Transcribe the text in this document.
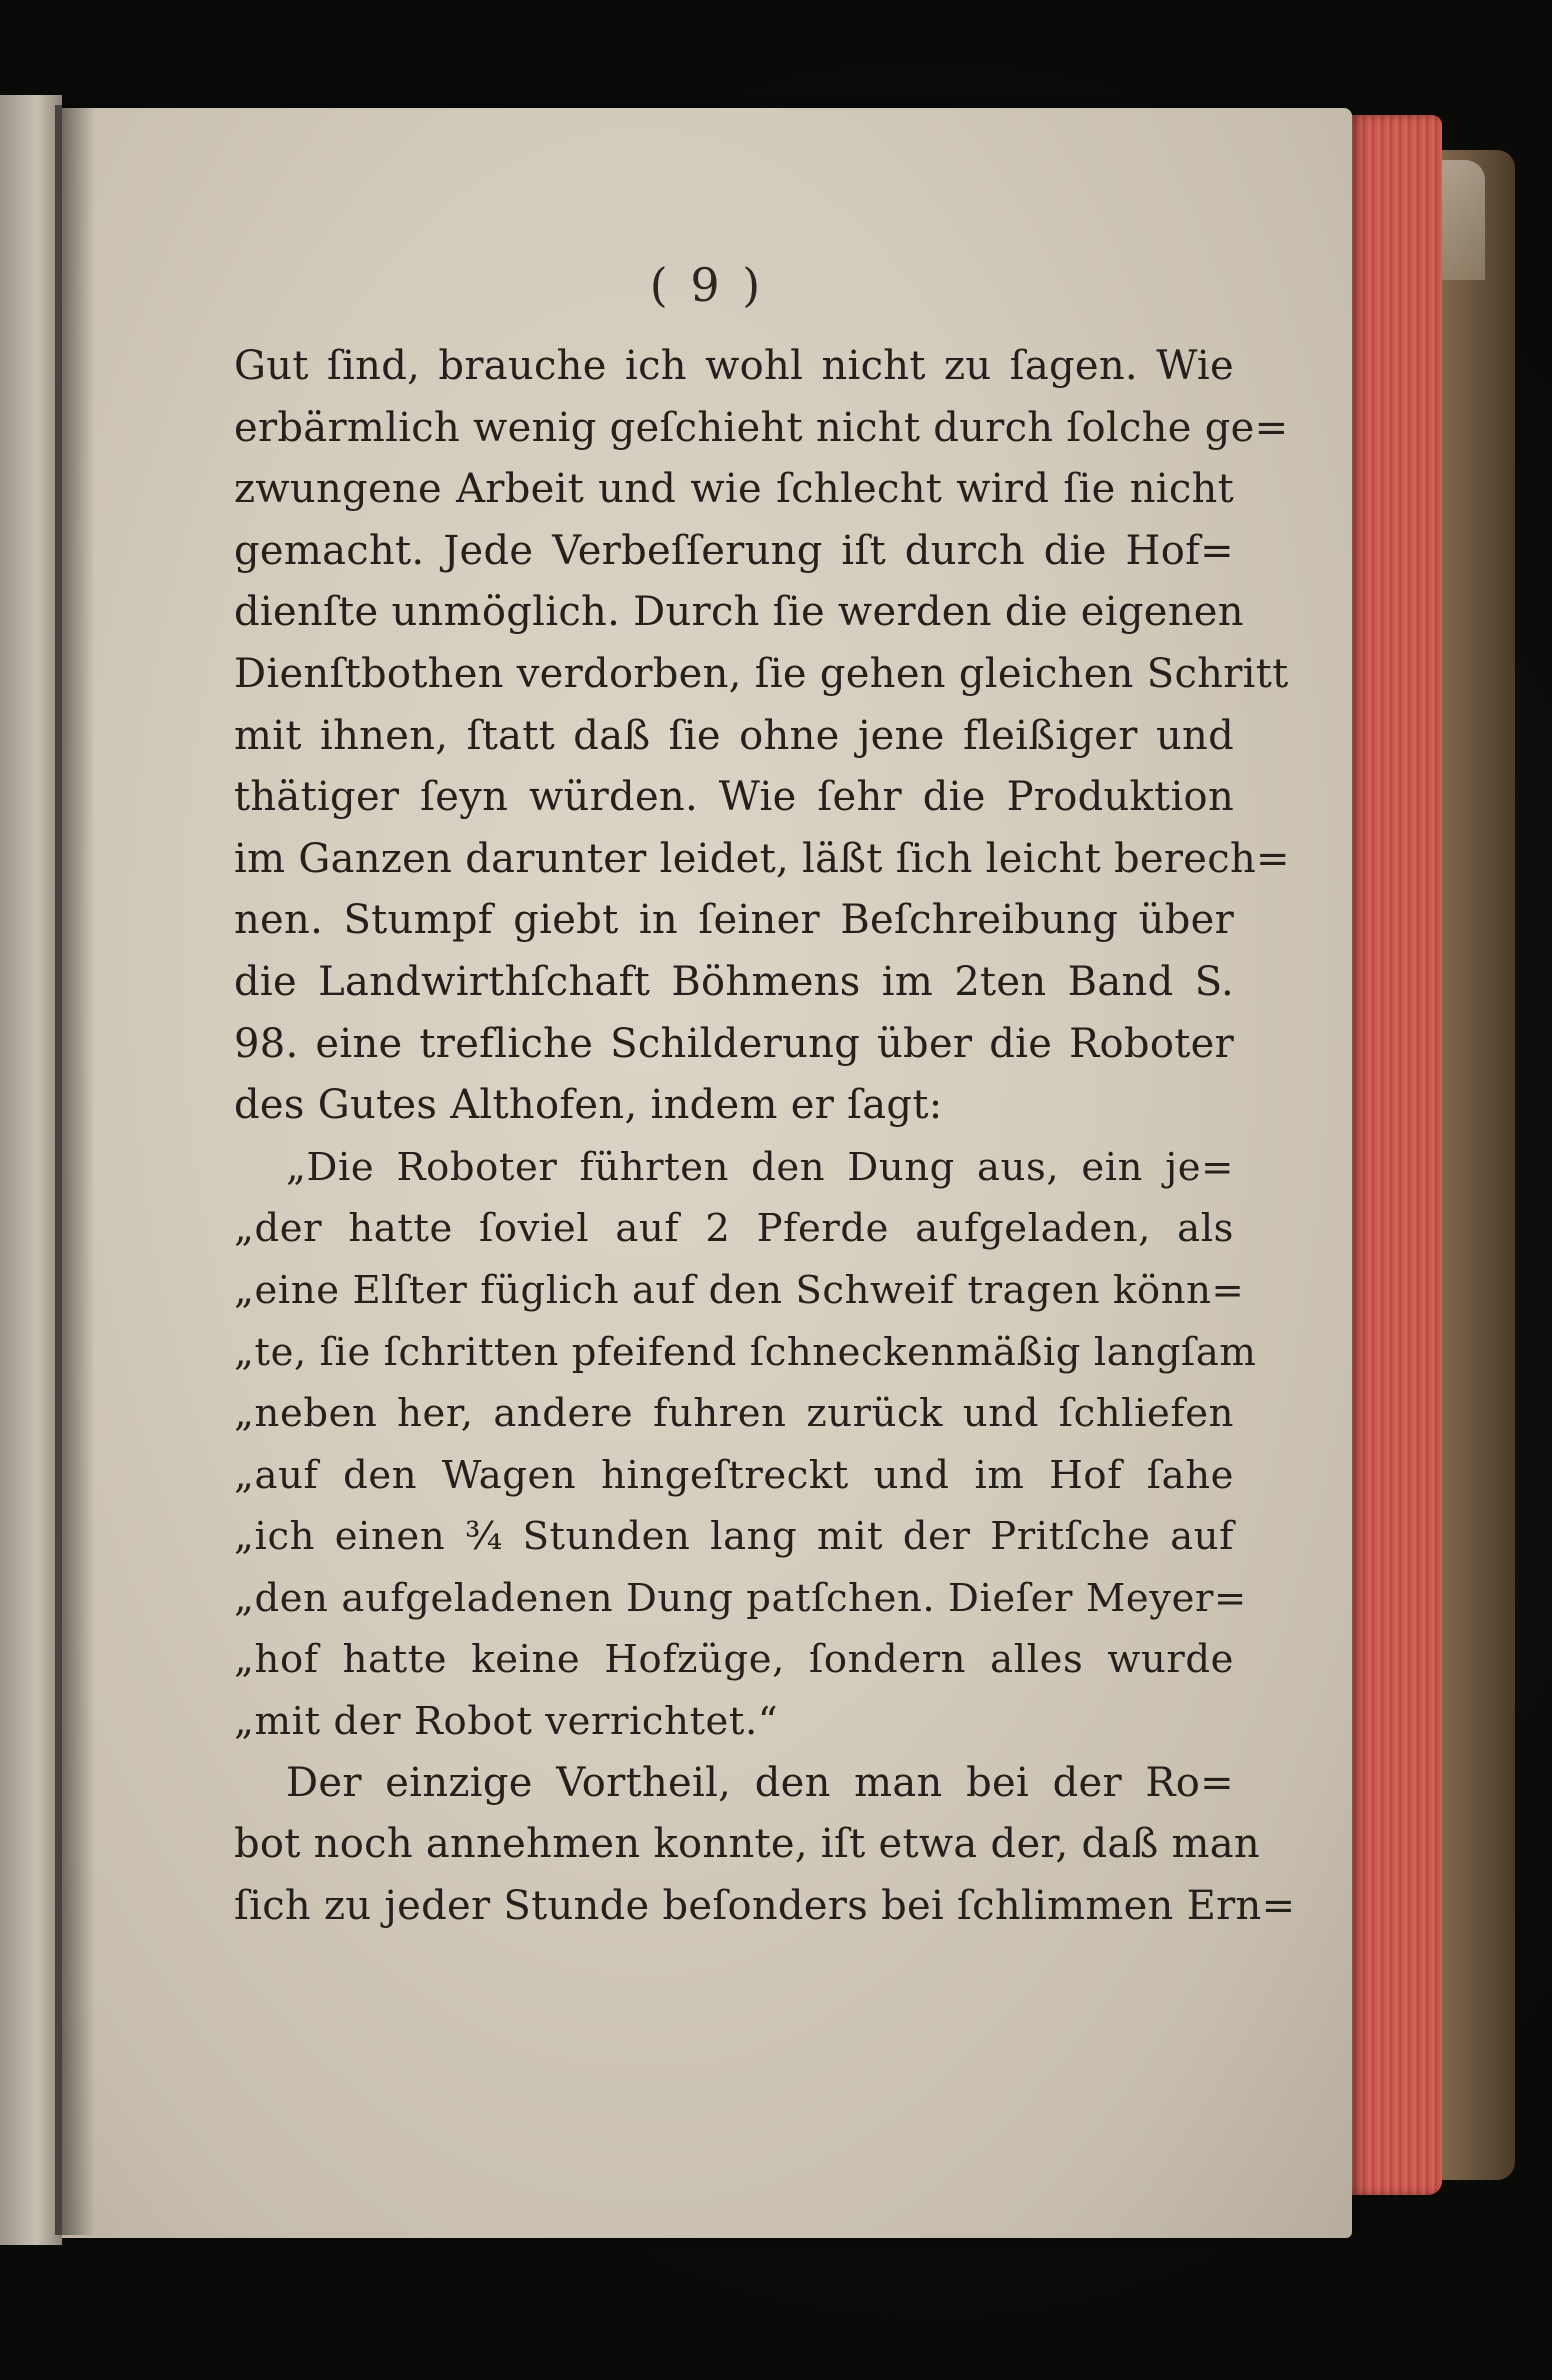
( 9 )
Gut ſind, brauche ich wohl nicht zu ſagen. Wie
erbärmlich wenig geſchieht nicht durch ſolche ge=
zwungene Arbeit und wie ſchlecht wird ſie nicht
gemacht. Jede Verbeſſerung iſt durch die Hof=
dienſte unmöglich. Durch ſie werden die eigenen
Dienſtbothen verdorben, ſie gehen gleichen Schritt
mit ihnen, ſtatt daß ſie ohne jene fleißiger und
thätiger ſeyn würden. Wie ſehr die Produktion
im Ganzen darunter leidet, läßt ſich leicht berech=
nen. Stumpf giebt in ſeiner Beſchreibung über
die Landwirthſchaft Böhmens im 2ten Band S.
98. eine trefliche Schilderung über die Roboter
des Gutes Althofen, indem er ſagt:
„Die Roboter führten den Dung aus, ein je=
„der hatte ſoviel auf 2 Pferde aufgeladen, als
„eine Elſter füglich auf den Schweif tragen könn=
„te, ſie ſchritten pfeifend ſchneckenmäßig langſam
„neben her, andere fuhren zurück und ſchliefen
„auf den Wagen hingeſtreckt und im Hof ſahe
„ich einen ¾ Stunden lang mit der Pritſche auf
„den aufgeladenen Dung patſchen. Dieſer Meyer=
„hof hatte keine Hofzüge, ſondern alles wurde
„mit der Robot verrichtet.“
Der einzige Vortheil, den man bei der Ro=
bot noch annehmen konnte, iſt etwa der, daß man
ſich zu jeder Stunde beſonders bei ſchlimmen Ern=
